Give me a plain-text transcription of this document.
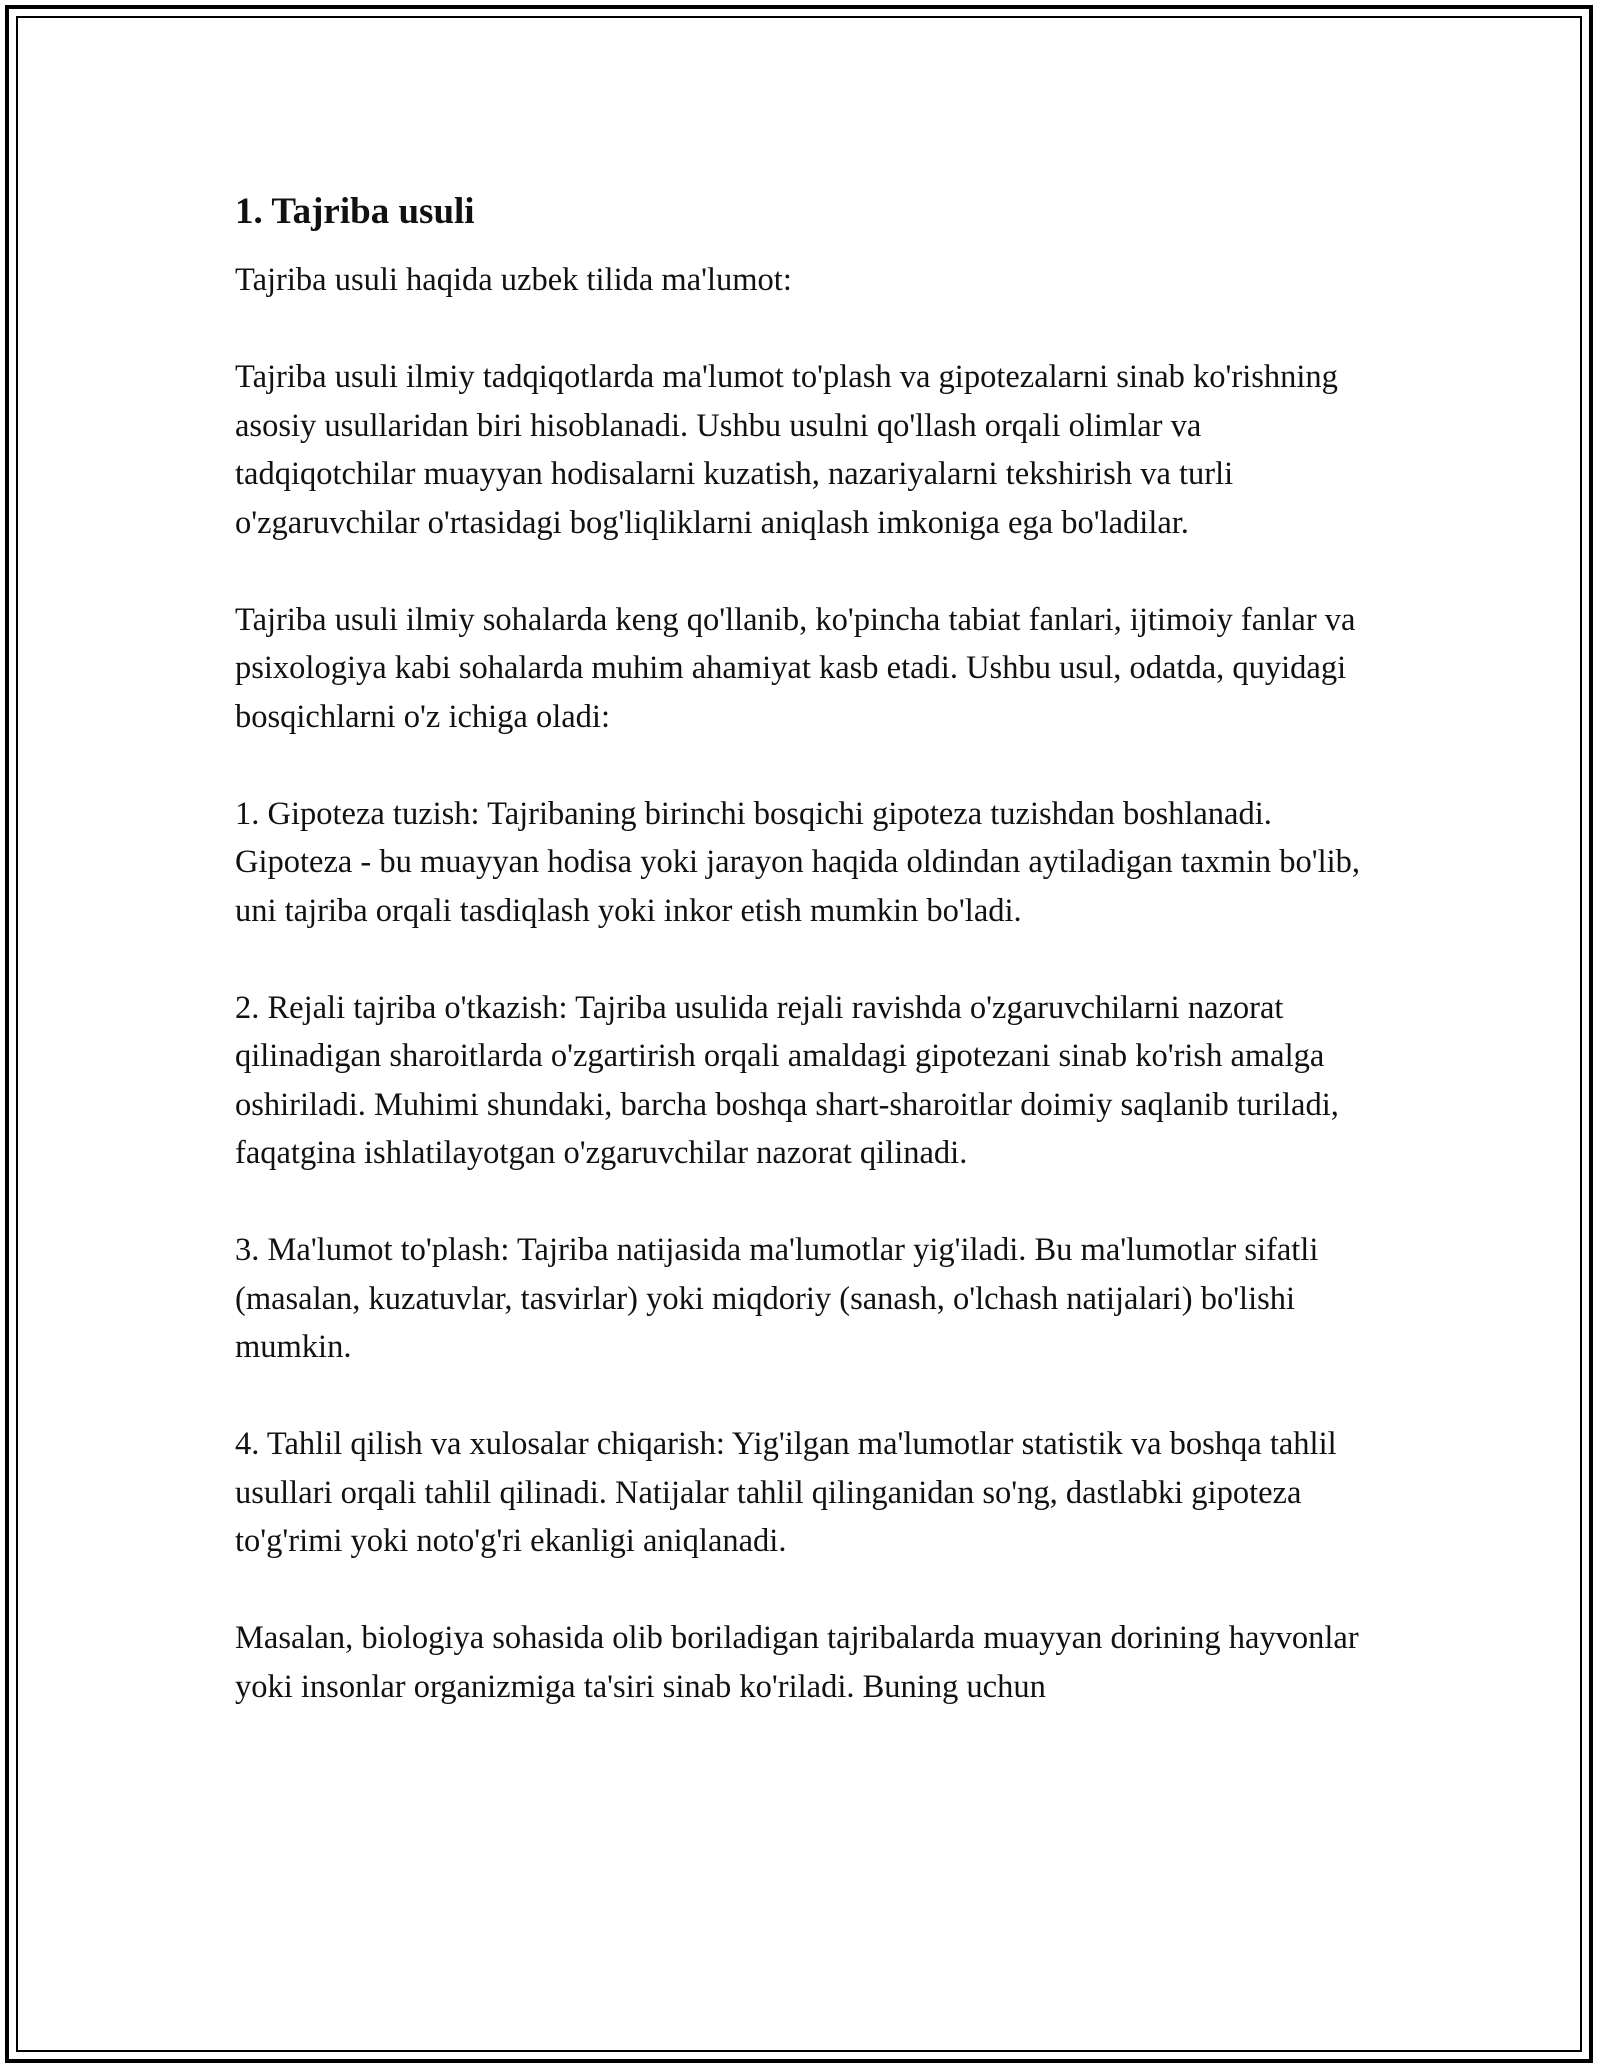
1. Tajriba usuli

Tajriba usuli haqida uzbek tilida ma'lumot:

Tajriba usuli ilmiy tadqiqotlarda ma'lumot to'plash va gipotezalarni sinab ko'rishning asosiy usullaridan biri hisoblanadi. Ushbu usulni qo'llash orqali olimlar va tadqiqotchilar muayyan hodisalarni kuzatish, nazariyalarni tekshirish va turli o'zgaruvchilar o'rtasidagi bog'liqliklarni aniqlash imkoniga ega bo'ladilar.

Tajriba usuli ilmiy sohalarda keng qo'llanib, ko'pincha tabiat fanlari, ijtimoiy fanlar va psixologiya kabi sohalarda muhim ahamiyat kasb etadi. Ushbu usul, odatda, quyidagi bosqichlarni o'z ichiga oladi:

1. Gipoteza tuzish: Tajribaning birinchi bosqichi gipoteza tuzishdan boshlanadi. Gipoteza - bu muayyan hodisa yoki jarayon haqida oldindan aytiladigan taxmin bo'lib, uni tajriba orqali tasdiqlash yoki inkor etish mumkin bo'ladi.

2. Rejali tajriba o'tkazish: Tajriba usulida rejali ravishda o'zgaruvchilarni nazorat qilinadigan sharoitlarda o'zgartirish orqali amaldagi gipotezani sinab ko'rish amalga oshiriladi. Muhimi shundaki, barcha boshqa shart-sharoitlar doimiy saqlanib turiladi, faqatgina ishlatilayotgan o'zgaruvchilar nazorat qilinadi.

3. Ma'lumot to'plash: Tajriba natijasida ma'lumotlar yig'iladi. Bu ma'lumotlar sifatli (masalan, kuzatuvlar, tasvirlar) yoki miqdoriy (sanash, o'lchash natijalari) bo'lishi mumkin.

4. Tahlil qilish va xulosalar chiqarish: Yig'ilgan ma'lumotlar statistik va boshqa tahlil usullari orqali tahlil qilinadi. Natijalar tahlil qilinganidan so'ng, dastlabki gipoteza to'g'rimi yoki noto'g'ri ekanligi aniqlanadi.

Masalan, biologiya sohasida olib boriladigan tajribalarda muayyan dorining hayvonlar yoki insonlar organizmiga ta'siri sinab ko'riladi. Buning uchun
